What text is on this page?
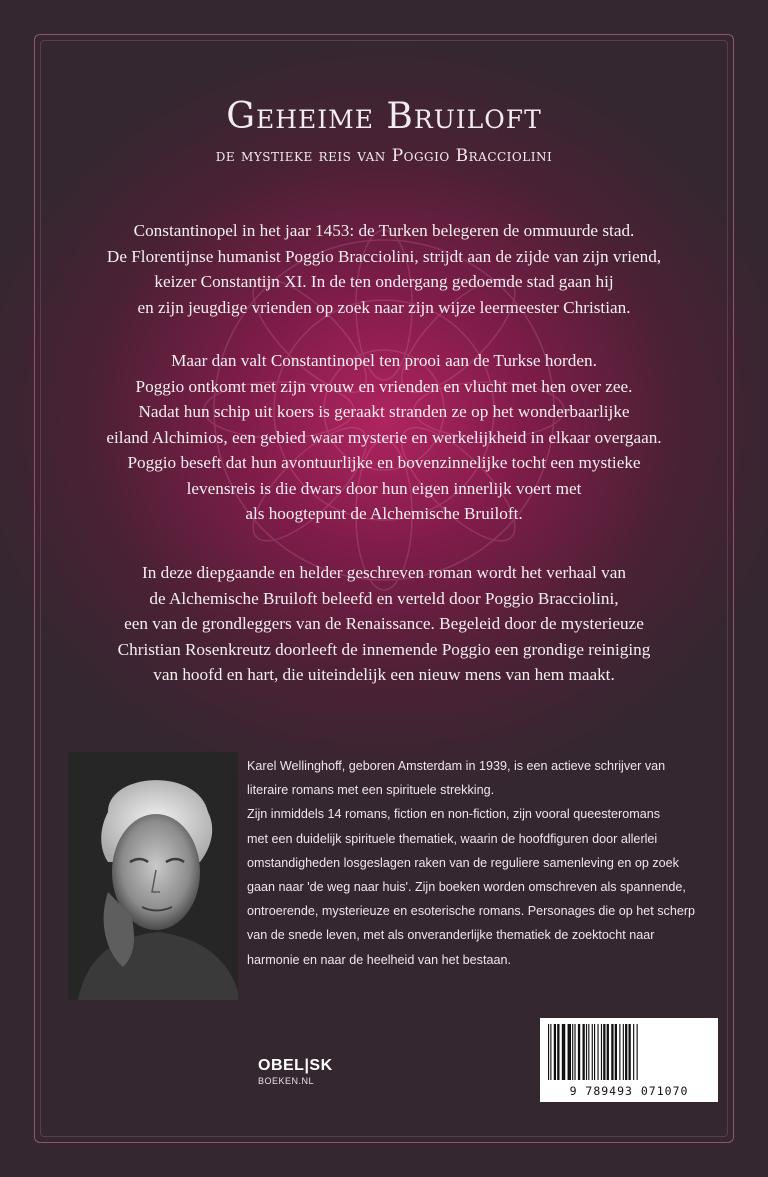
Geheime Bruiloft
de mystieke reis van Poggio Bracciolini
Constantinopel in het jaar 1453: de Turken belegeren de ommuurde stad.
De Florentijnse humanist Poggio Bracciolini, strijdt aan de zijde van zijn vriend,
keizer Constantijn XI. In de ten ondergang gedoemde stad gaan hij
en zijn jeugdige vrienden op zoek naar zijn wijze leermeester Christian.
Maar dan valt Constantinopel ten prooi aan de Turkse horden.
Poggio ontkomt met zijn vrouw en vrienden en vlucht met hen over zee.
Nadat hun schip uit koers is geraakt stranden ze op het wonderbaarlijke
eiland Alchimios, een gebied waar mysterie en werkelijkheid in elkaar overgaan.
Poggio beseft dat hun avontuurlijke en bovenzinnelijke tocht een mystieke
levensreis is die dwars door hun eigen innerlijk voert met
als hoogtepunt de Alchemische Bruiloft.
In deze diepgaande en helder geschreven roman wordt het verhaal van
de Alchemische Bruiloft beleefd en verteld door Poggio Bracciolini,
een van de grondleggers van de Renaissance. Begeleid door de mysterieuze
Christian Rosenkreutz doorleeft de innemende Poggio een grondige reiniging
van hoofd en hart, die uiteindelijk een nieuw mens van hem maakt.
Karel Wellinghoff, geboren Amsterdam in 1939, is een actieve schrijver van
literaire romans met een spirituele strekking.
Zijn inmiddels 14 romans, fiction en non-fiction, zijn vooral queesteromans
met een duidelijk spirituele thematiek, waarin de hoofdfiguren door allerlei
omstandigheden losgeslagen raken van de reguliere samenleving en op zoek
gaan naar 'de weg naar huis'. Zijn boeken worden omschreven als spannende,
ontroerende, mysterieuze en esoterische romans. Personages die op het scherp
van de snede leven, met als onveranderlijke thematiek de zoektocht naar
harmonie en naar de heelheid van het bestaan.
OBEL|SK
BOEKEN.NL
9 789493 071070
